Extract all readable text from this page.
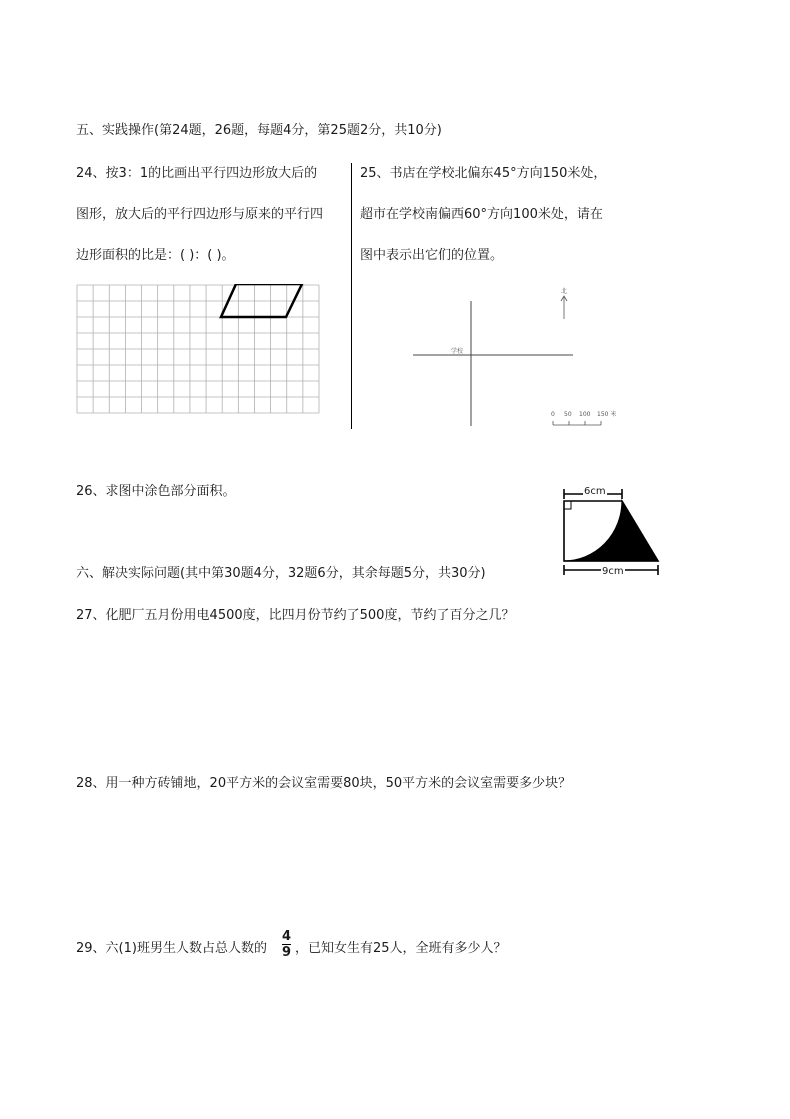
五、实践操作(第24题，26题，每题4分，第25题2分，共10分)
24、按3：1的比画出平行四边形放大后的
图形，放大后的平行四边形与原来的平行四
边形面积的比是：( )：( )。
25、书店在学校北偏东45°方向150米处，
超市在学校南偏西60°方向100米处，请在
图中表示出它们的位置。
北
学校
0 50 100 150 米
26、求图中涂色部分面积。	6cm
9cm
六、解决实际问题(其中第30题4分，32题6分，其余每题5分，共30分)
27、化肥厂五月份用电4500度，比四月份节约了500度，节约了百分之几？
28、用一种方砖铺地，20平方米的会议室需要80块，50平方米的会议室需要多少块？
29、六(1)班男生人数占总人数的
4
9 ，已知女生有25人，全班有多少人？
